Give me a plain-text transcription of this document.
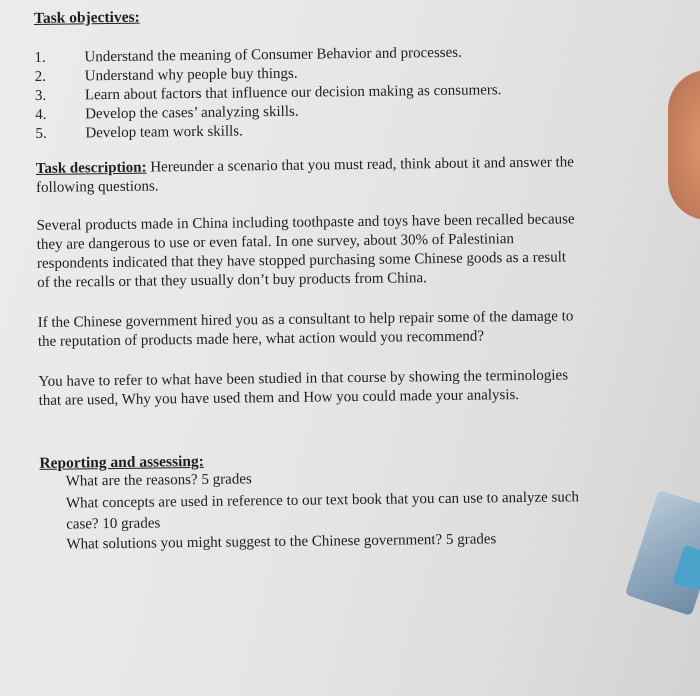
Task objectives:
1.	Understand the meaning of Consumer Behavior and processes.
2.	Understand why people buy things.
3.	Learn about factors that influence our decision making as consumers.
4.	Develop the cases’ analyzing skills.
5.	Develop team work skills.
Task description: Hereunder a scenario that you must read, think about it and answer the
following questions.
Several products made in China including toothpaste and toys have been recalled because
they are dangerous to use or even fatal. In one survey, about 30% of Palestinian
respondents indicated that they have stopped purchasing some Chinese goods as a result
of the recalls or that they usually don’t buy products from China.
If the Chinese government hired you as a consultant to help repair some of the damage to
the reputation of products made here, what action would you recommend?
You have to refer to what have been studied in that course by showing the terminologies
that are used, Why you have used them and How you could made your analysis.
Reporting and assessing:
What are the reasons? 5 grades
What concepts are used in reference to our text book that you can use to analyze such
case? 10 grades
What solutions you might suggest to the Chinese government? 5 grades
